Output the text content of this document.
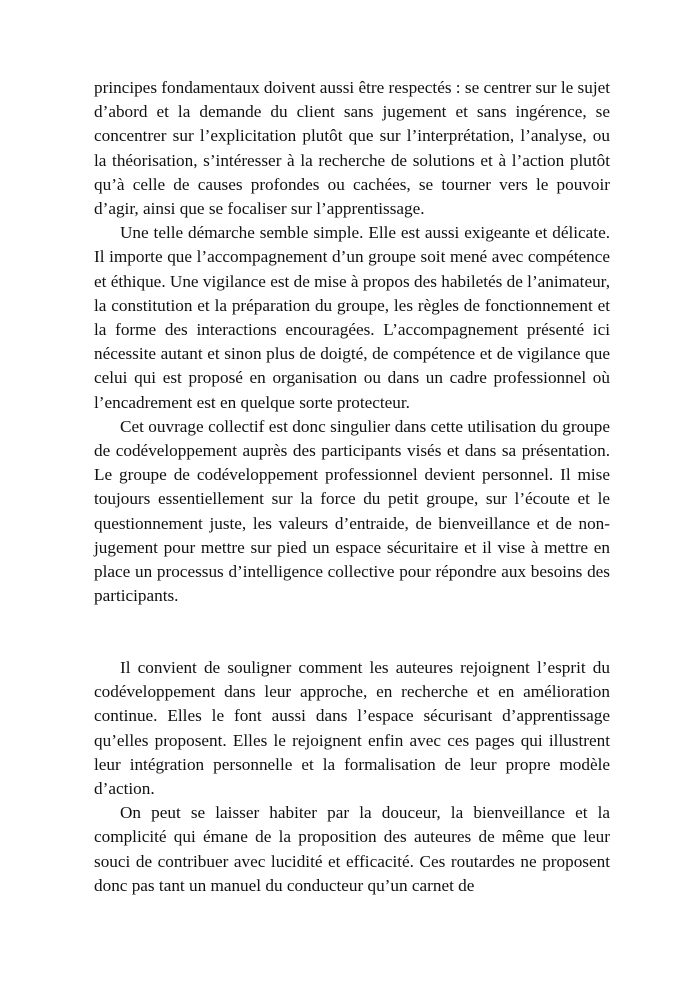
principes fondamentaux doivent aussi être respectés : se centrer sur le sujet d’abord et la demande du client sans jugement et sans ingérence, se concentrer sur l’explicitation plutôt que sur l’interprétation, l’analyse, ou la théorisation, s’intéresser à la recherche de solutions et à l’action plutôt qu’à celle de causes profondes ou cachées, se tourner vers le pouvoir d’agir, ainsi que se focaliser sur l’apprentissage.

Une telle démarche semble simple. Elle est aussi exigeante et délicate. Il importe que l’accompagnement d’un groupe soit mené avec compétence et éthique. Une vigilance est de mise à propos des habiletés de l’animateur, la constitution et la préparation du groupe, les règles de fonctionnement et la forme des interactions encouragées. L’accompagnement présenté ici nécessite autant et sinon plus de doigté, de compétence et de vigilance que celui qui est proposé en organisation ou dans un cadre professionnel où l’encadrement est en quelque sorte protecteur.

Cet ouvrage collectif est donc singulier dans cette utilisation du groupe de codéveloppement auprès des participants visés et dans sa présentation. Le groupe de codéveloppement professionnel devient personnel. Il mise toujours essentiellement sur la force du petit groupe, sur l’écoute et le questionnement juste, les valeurs d’entraide, de bienveillance et de non-jugement pour mettre sur pied un espace sécuritaire et il vise à mettre en place un processus d’intelligence collective pour répondre aux besoins des participants.

Il convient de souligner comment les auteures rejoignent l’esprit du codéveloppement dans leur approche, en recherche et en amélioration continue. Elles le font aussi dans l’espace sécurisant d’apprentissage qu’elles proposent. Elles le rejoignent enfin avec ces pages qui illustrent leur intégration personnelle et la formalisation de leur propre modèle d’action.

On peut se laisser habiter par la douceur, la bienveillance et la complicité qui émane de la proposition des auteures de même que leur souci de contribuer avec lucidité et efficacité. Ces routardes ne proposent donc pas tant un manuel du conducteur qu’un carnet de
